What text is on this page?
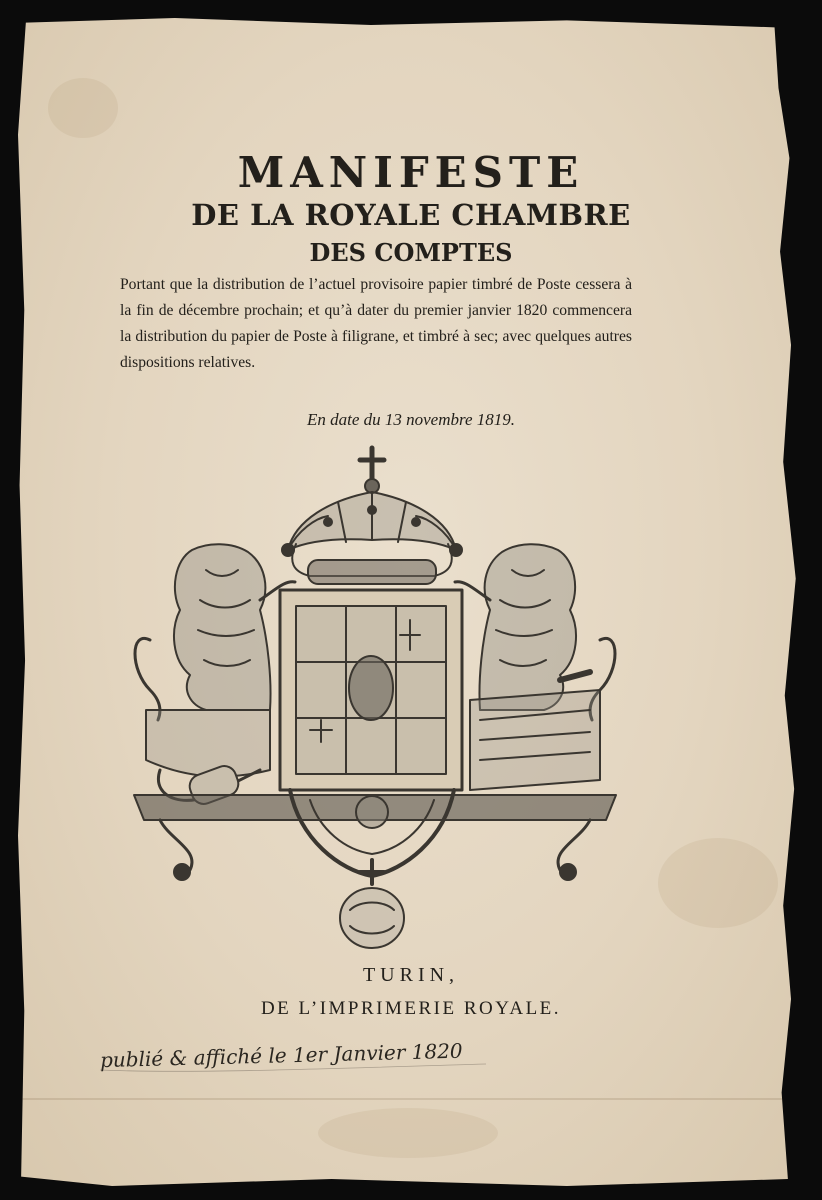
MANIFESTE
DE LA ROYALE CHAMBRE
DES COMPTES
Portant que la distribution de l’actuel provisoire papier timbré de Poste cessera à la fin de décembre prochain; et qu’à dater du premier janvier 1820 commencera la distribution du papier de Poste à filigrane, et timbré à sec; avec quelques autres dispositions relatives.
En date du 13 novembre 1819.
TURIN,
DE L’IMPRIMERIE ROYALE.
publié & affiché le 1er Janvier 1820
